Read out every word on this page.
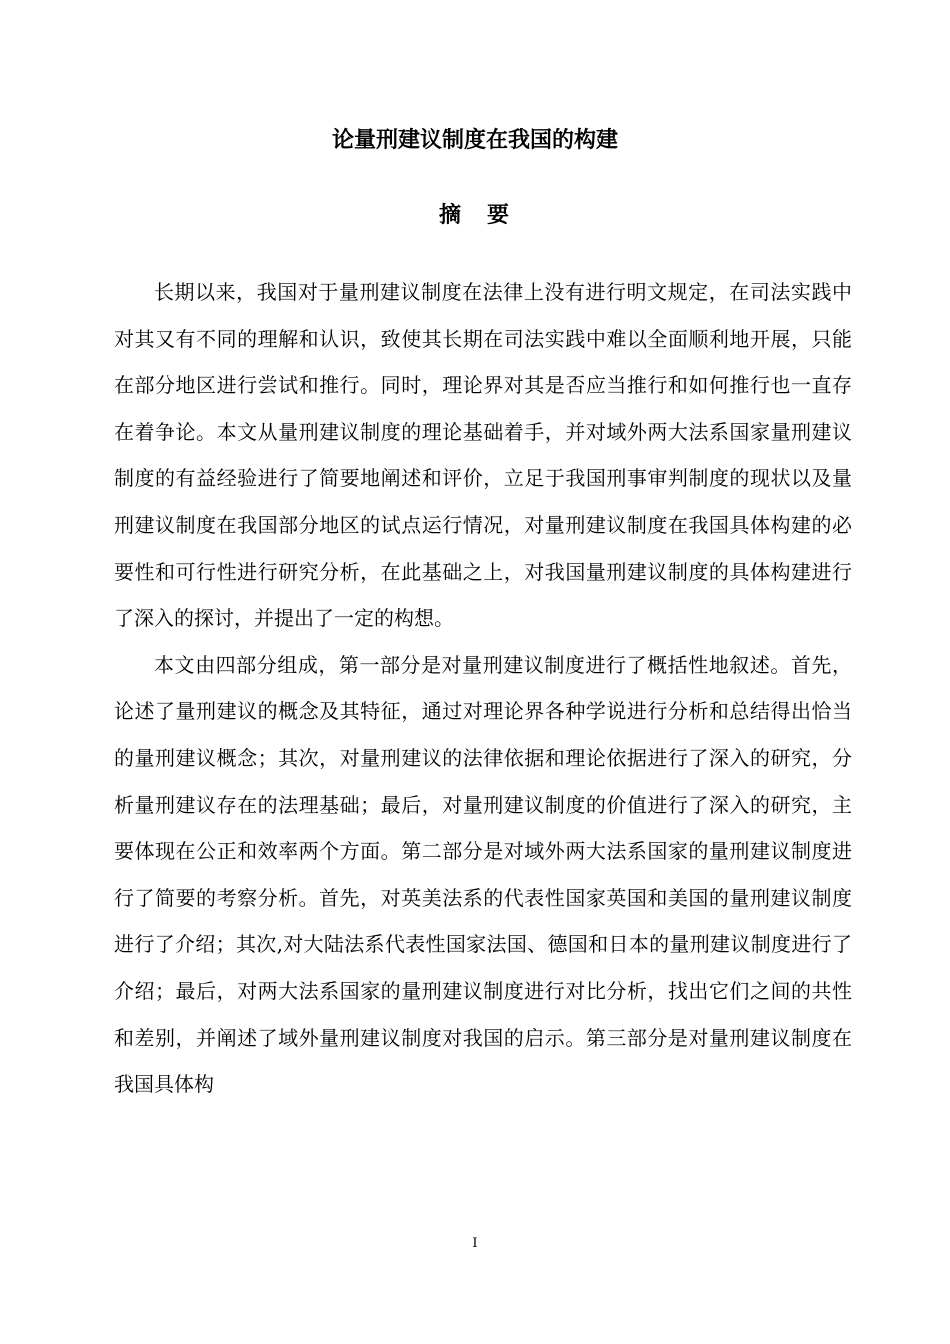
论量刑建议制度在我国的构建
摘　要

长期以来，我国对于量刑建议制度在法律上没有进行明文规定，在司法实践中对其又有不同的理解和认识，致使其长期在司法实践中难以全面顺利地开展，只能在部分地区进行尝试和推行。同时，理论界对其是否应当推行和如何推行也一直存在着争论。本文从量刑建议制度的理论基础着手，并对域外两大法系国家量刑建议制度的有益经验进行了简要地阐述和评价，立足于我国刑事审判制度的现状以及量刑建议制度在我国部分地区的试点运行情况，对量刑建议制度在我国具体构建的必要性和可行性进行研究分析，在此基础之上，对我国量刑建议制度的具体构建进行了深入的探讨，并提出了一定的构想。

本文由四部分组成，第一部分是对量刑建议制度进行了概括性地叙述。首先，论述了量刑建议的概念及其特征，通过对理论界各种学说进行分析和总结得出恰当的量刑建议概念；其次，对量刑建议的法律依据和理论依据进行了深入的研究，分析量刑建议存在的法理基础；最后，对量刑建议制度的价值进行了深入的研究，主要体现在公正和效率两个方面。第二部分是对域外两大法系国家的量刑建议制度进行了简要的考察分析。首先，对英美法系的代表性国家英国和美国的量刑建议制度进行了介绍；其次,对大陆法系代表性国家法国、德国和日本的量刑建议制度进行了介绍；最后，对两大法系国家的量刑建议制度进行对比分析，找出它们之间的共性和差别，并阐述了域外量刑建议制度对我国的启示。第三部分是对量刑建议制度在我国具体构

I
